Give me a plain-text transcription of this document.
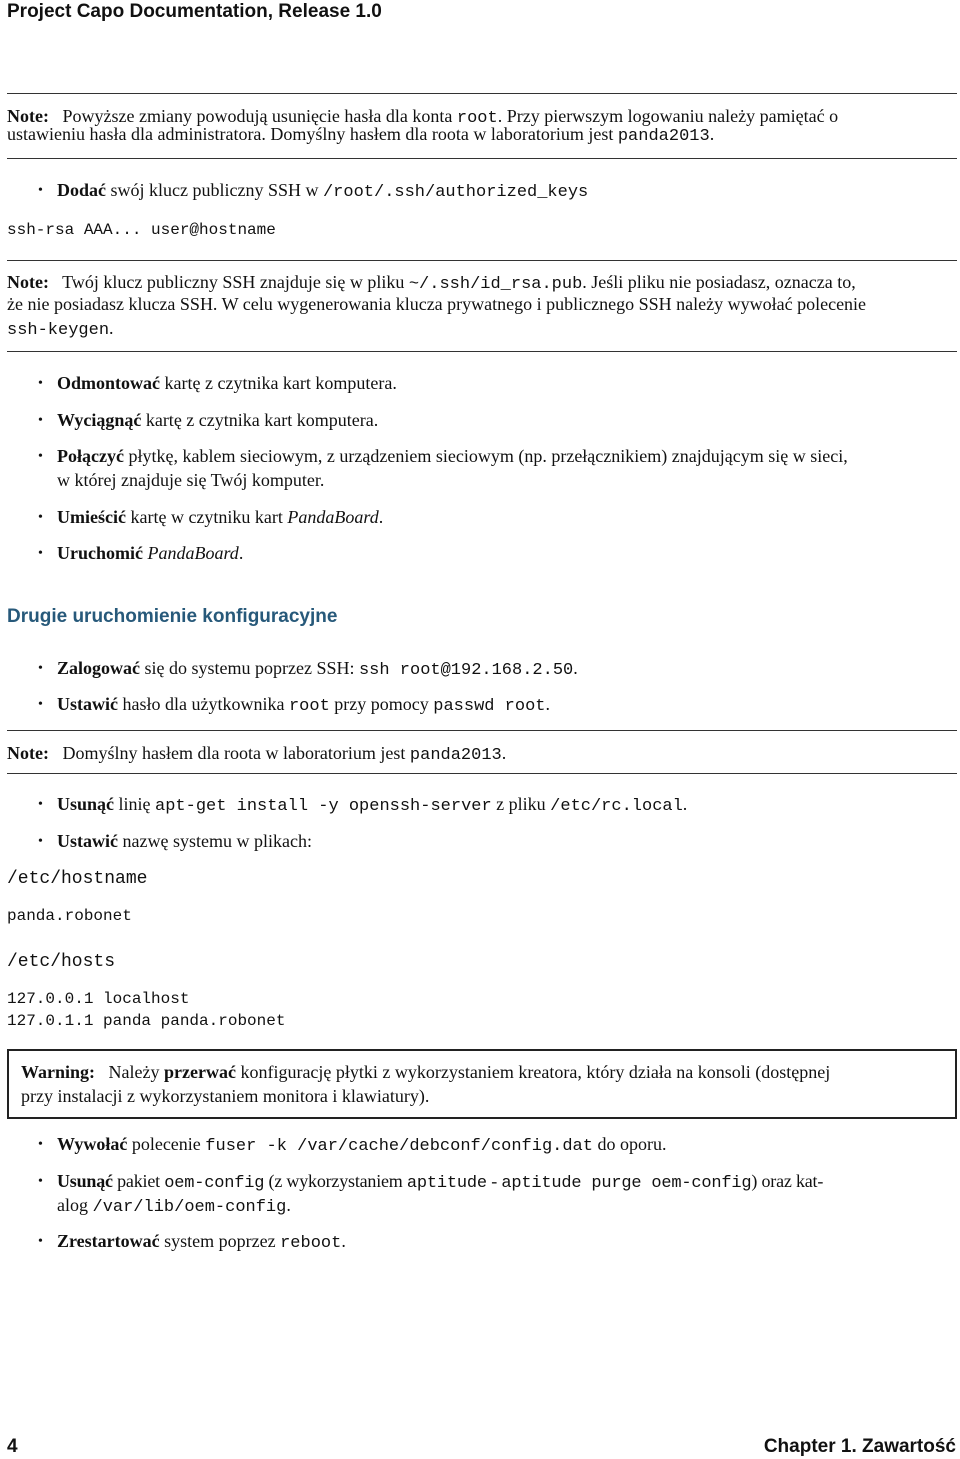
Project Capo Documentation, Release 1.0
Note: Powyższe zmiany powodują usunięcie hasła dla konta root. Przy pierwszym logowaniu należy pamiętać o
ustawieniu hasła dla administratora. Domyślny hasłem dla roota w laboratorium jest panda2013.
• Dodać swój klucz publiczny SSH w /root/.ssh/authorized_keys
ssh-rsa AAA... user@hostname
Note: Twój klucz publiczny SSH znajduje się w pliku ~/.ssh/id_rsa.pub. Jeśli pliku nie posiadasz, oznacza to,
że nie posiadasz klucza SSH. W celu wygenerowania klucza prywatnego i publicznego SSH należy wywołać polecenie
ssh-keygen.
• Odmontować kartę z czytnika kart komputera.
• Wyciągnąć kartę z czytnika kart komputera.
• Połączyć płytkę, kablem sieciowym, z urządzeniem sieciowym (np. przełącznikiem) znajdującym się w sieci,
w której znajduje się Twój komputer.
• Umieścić kartę w czytniku kart PandaBoard.
• Uruchomić PandaBoard.
Drugie uruchomienie konfiguracyjne
• Zalogować się do systemu poprzez SSH: ssh root@192.168.2.50.
• Ustawić hasło dla użytkownika root przy pomocy passwd root.
Note: Domyślny hasłem dla roota w laboratorium jest panda2013.
• Usunąć linię apt-get install -y openssh-server z pliku /etc/rc.local.
• Ustawić nazwę systemu w plikach:
/etc/hostname
panda.robonet
/etc/hosts
127.0.0.1 localhost
127.0.1.1 panda panda.robonet
Warning: Należy przerwać konfigurację płytki z wykorzystaniem kreatora, który działa na konsoli (dostępnej
przy instalacji z wykorzystaniem monitora i klawiatury).
• Wywołać polecenie fuser -k /var/cache/debconf/config.dat do oporu.
• Usunąć pakiet oem-config (z wykorzystaniem aptitude - aptitude purge oem-config) oraz kat-
alog /var/lib/oem-config.
• Zrestartować system poprzez reboot.
4	Chapter 1. Zawartość
